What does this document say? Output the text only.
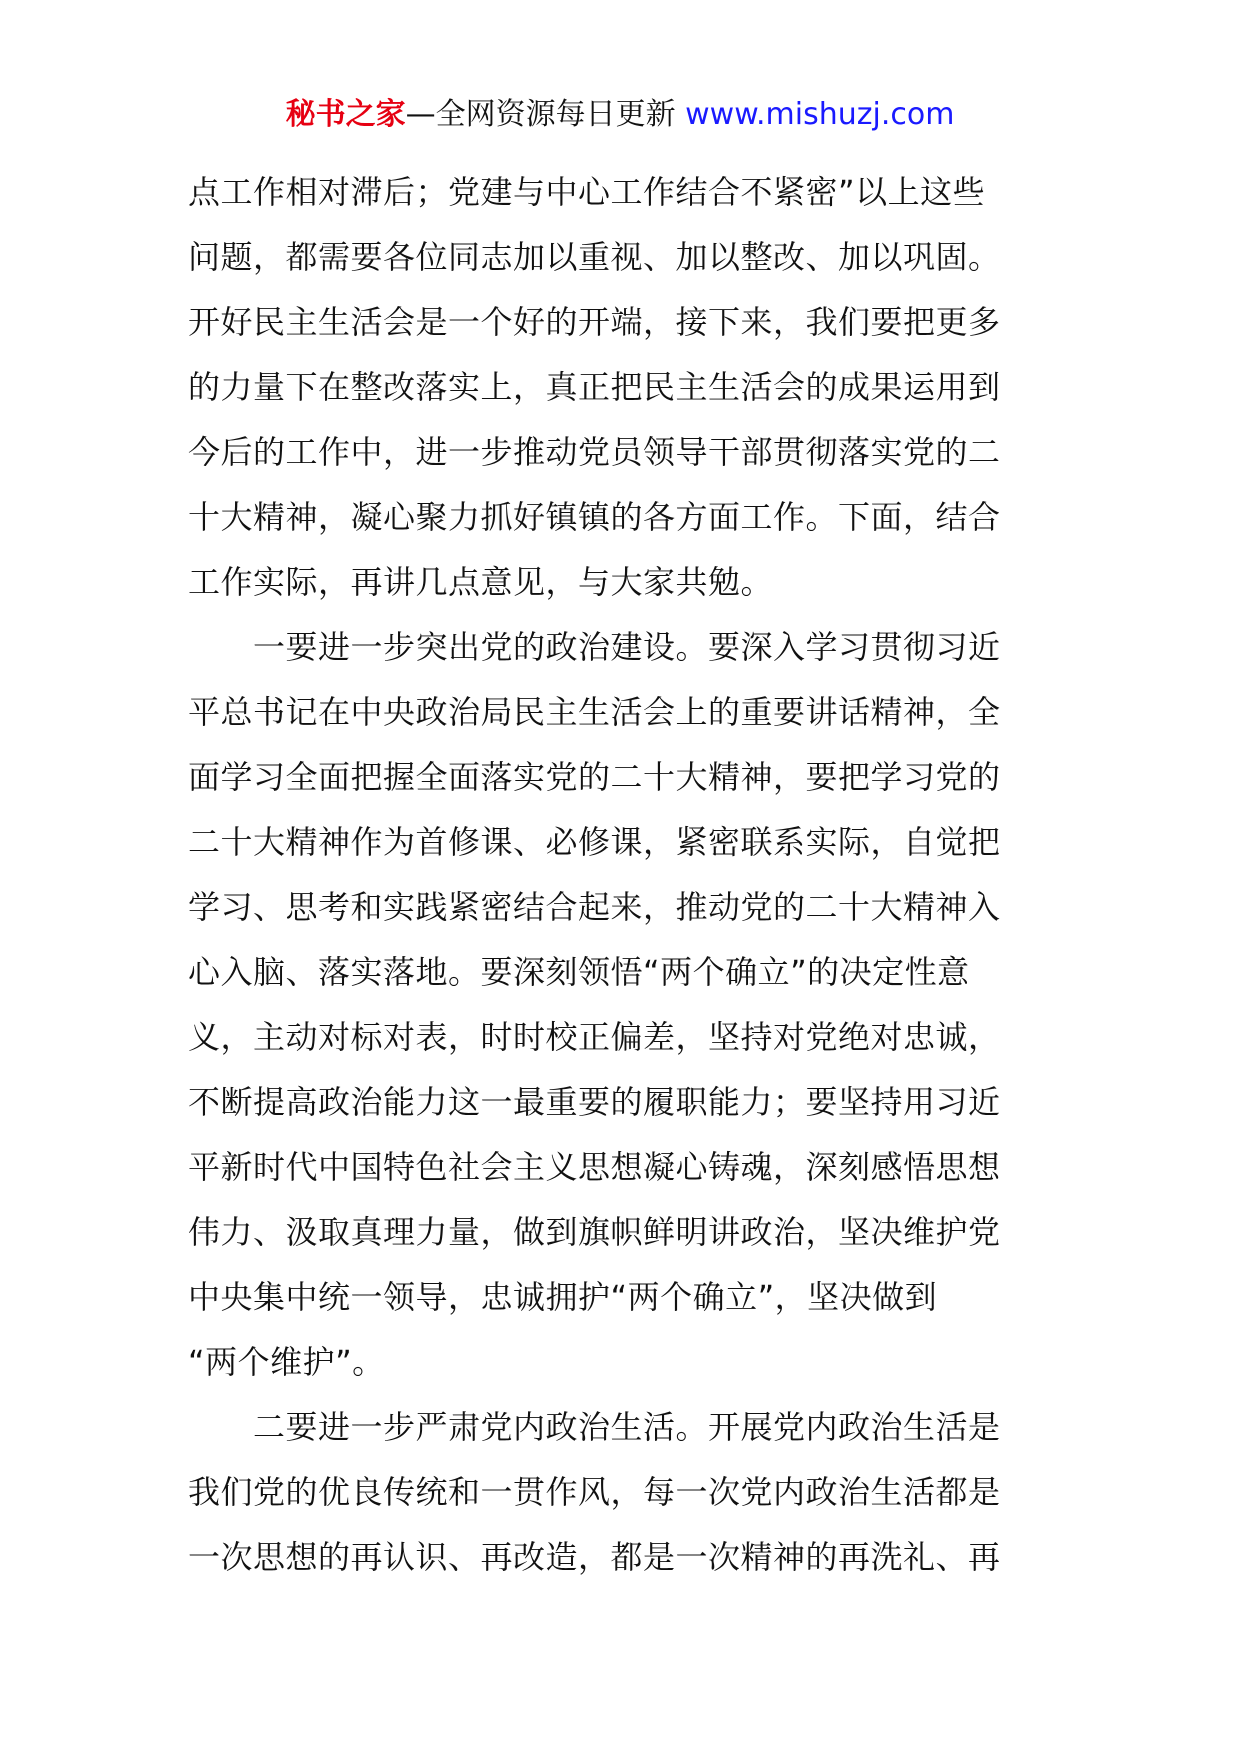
秘书之家—全网资源每日更新 www.mishuzj.com
点工作相对滞后；党建与中心工作结合不紧密”以上这些
问题，都需要各位同志加以重视、加以整改、加以巩固。
开好民主生活会是一个好的开端，接下来，我们要把更多
的力量下在整改落实上，真正把民主生活会的成果运用到
今后的工作中，进一步推动党员领导干部贯彻落实党的二
十大精神，凝心聚力抓好镇镇的各方面工作。下面，结合
工作实际，再讲几点意见，与大家共勉。
　　一要进一步突出党的政治建设。要深入学习贯彻习近
平总书记在中央政治局民主生活会上的重要讲话精神，全
面学习全面把握全面落实党的二十大精神，要把学习党的
二十大精神作为首修课、必修课，紧密联系实际，自觉把
学习、思考和实践紧密结合起来，推动党的二十大精神入
心入脑、落实落地。要深刻领悟“两个确立”的决定性意
义，主动对标对表，时时校正偏差，坚持对党绝对忠诚，
不断提高政治能力这一最重要的履职能力；要坚持用习近
平新时代中国特色社会主义思想凝心铸魂，深刻感悟思想
伟力、汲取真理力量，做到旗帜鲜明讲政治，坚决维护党
中央集中统一领导，忠诚拥护“两个确立”，坚决做到
“两个维护”。
　　二要进一步严肃党内政治生活。开展党内政治生活是
我们党的优良传统和一贯作风，每一次党内政治生活都是
一次思想的再认识、再改造，都是一次精神的再洗礼、再
